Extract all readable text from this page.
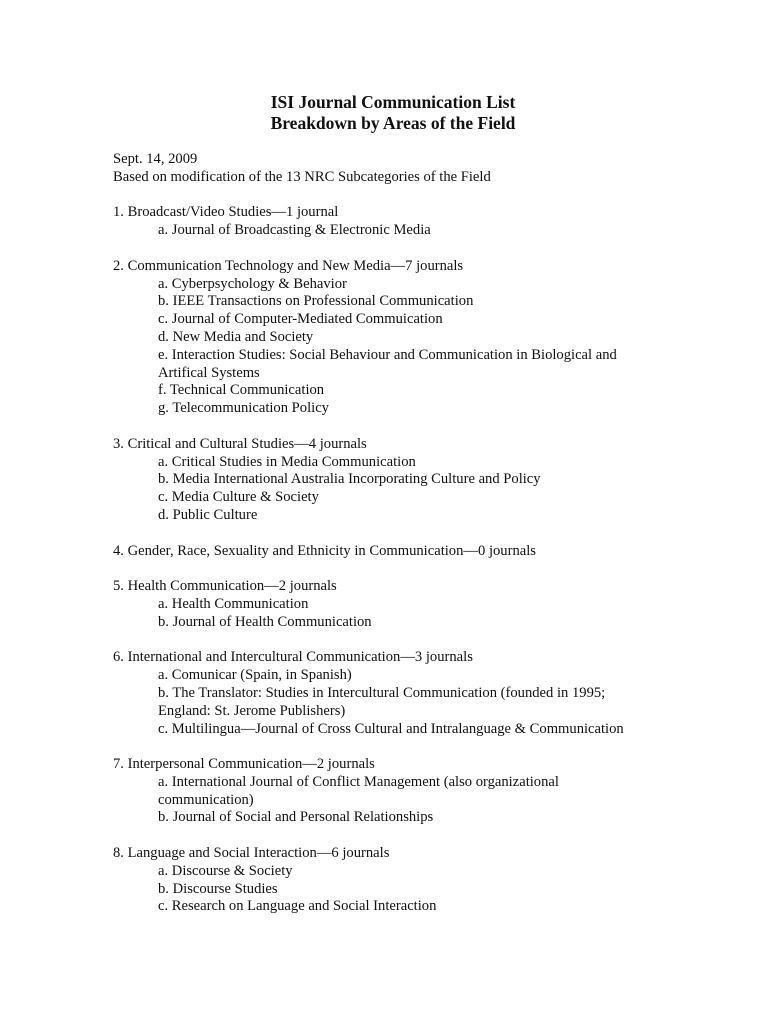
ISI Journal Communication List

Breakdown by Areas of the Field

Sept. 14, 2009

Based on modification of the 13 NRC Subcategories of the Field

1. Broadcast/Video Studies—1 journal

a. Journal of Broadcasting & Electronic Media

2. Communication Technology and New Media—7 journals

a. Cyberpsychology & Behavior
b. IEEE Transactions on Professional Communication
c. Journal of Computer-Mediated Commuication
d. New Media and Society
e. Interaction Studies: Social Behaviour and Communication in Biological and
Artifical Systems
f. Technical Communication
g. Telecommunication Policy

3. Critical and Cultural Studies—4 journals

a. Critical Studies in Media Communication
b. Media International Australia Incorporating Culture and Policy
c. Media Culture & Society
d. Public Culture

4. Gender, Race, Sexuality and Ethnicity in Communication—0 journals

5. Health Communication—2 journals

a. Health Communication
b. Journal of Health Communication

6. International and Intercultural Communication—3 journals

a. Comunicar (Spain, in Spanish)
b. The Translator: Studies in Intercultural Communication (founded in 1995;
England: St. Jerome Publishers)
c. Multilingua—Journal of Cross Cultural and Intralanguage & Communication

7. Interpersonal Communication—2 journals

a. International Journal of Conflict Management (also organizational
communication)
b. Journal of Social and Personal Relationships

8. Language and Social Interaction—6 journals

a. Discourse & Society
b. Discourse Studies
c. Research on Language and Social Interaction
